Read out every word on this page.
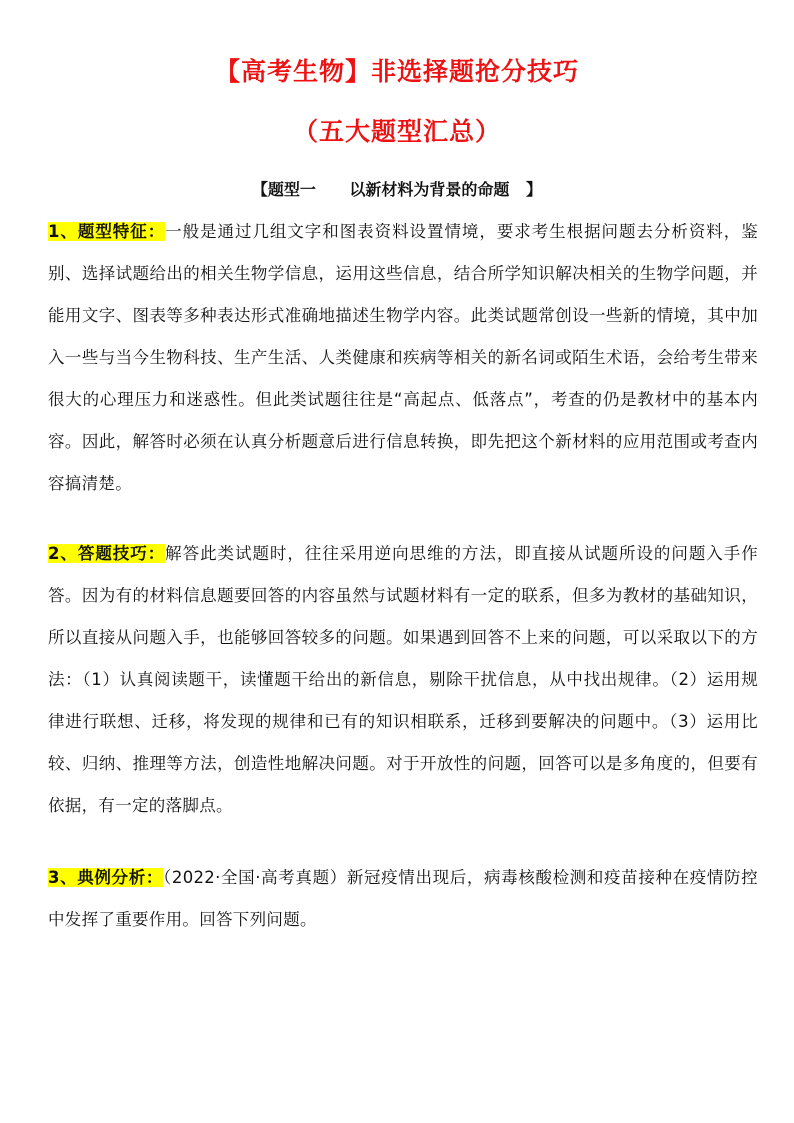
【高考生物】非选择题抢分技巧
（五大题型汇总）
【题型一      以新材料为背景的命题   】
1、题型特征：一般是通过几组文字和图表资料设置情境，要求考生根据问题去分析资料，鉴别、选择试题给出的相关生物学信息，运用这些信息，结合所学知识解决相关的生物学问题，并能用文字、图表等多种表达形式准确地描述生物学内容。此类试题常创设一些新的情境，其中加入一些与当今生物科技、生产生活、人类健康和疾病等相关的新名词或陌生术语，会给考生带来很大的心理压力和迷惑性。但此类试题往往是“高起点、低落点”，考查的仍是教材中的基本内容。因此，解答时必须在认真分析题意后进行信息转换，即先把这个新材料的应用范围或考查内容搞清楚。
2、答题技巧：解答此类试题时，往往采用逆向思维的方法，即直接从试题所设的问题入手作答。因为有的材料信息题要回答的内容虽然与试题材料有一定的联系，但多为教材的基础知识，所以直接从问题入手，也能够回答较多的问题。如果遇到回答不上来的问题，可以采取以下的方法：（1）认真阅读题干，读懂题干给出的新信息，剔除干扰信息，从中找出规律。（2）运用规律进行联想、迁移，将发现的规律和已有的知识相联系，迁移到要解决的问题中。（3）运用比较、归纳、推理等方法，创造性地解决问题。对于开放性的问题，回答可以是多角度的，但要有依据，有一定的落脚点。
3、典例分析：（2022·全国·高考真题）新冠疫情出现后，病毒核酸检测和疫苗接种在疫情防控中发挥了重要作用。回答下列问题。
